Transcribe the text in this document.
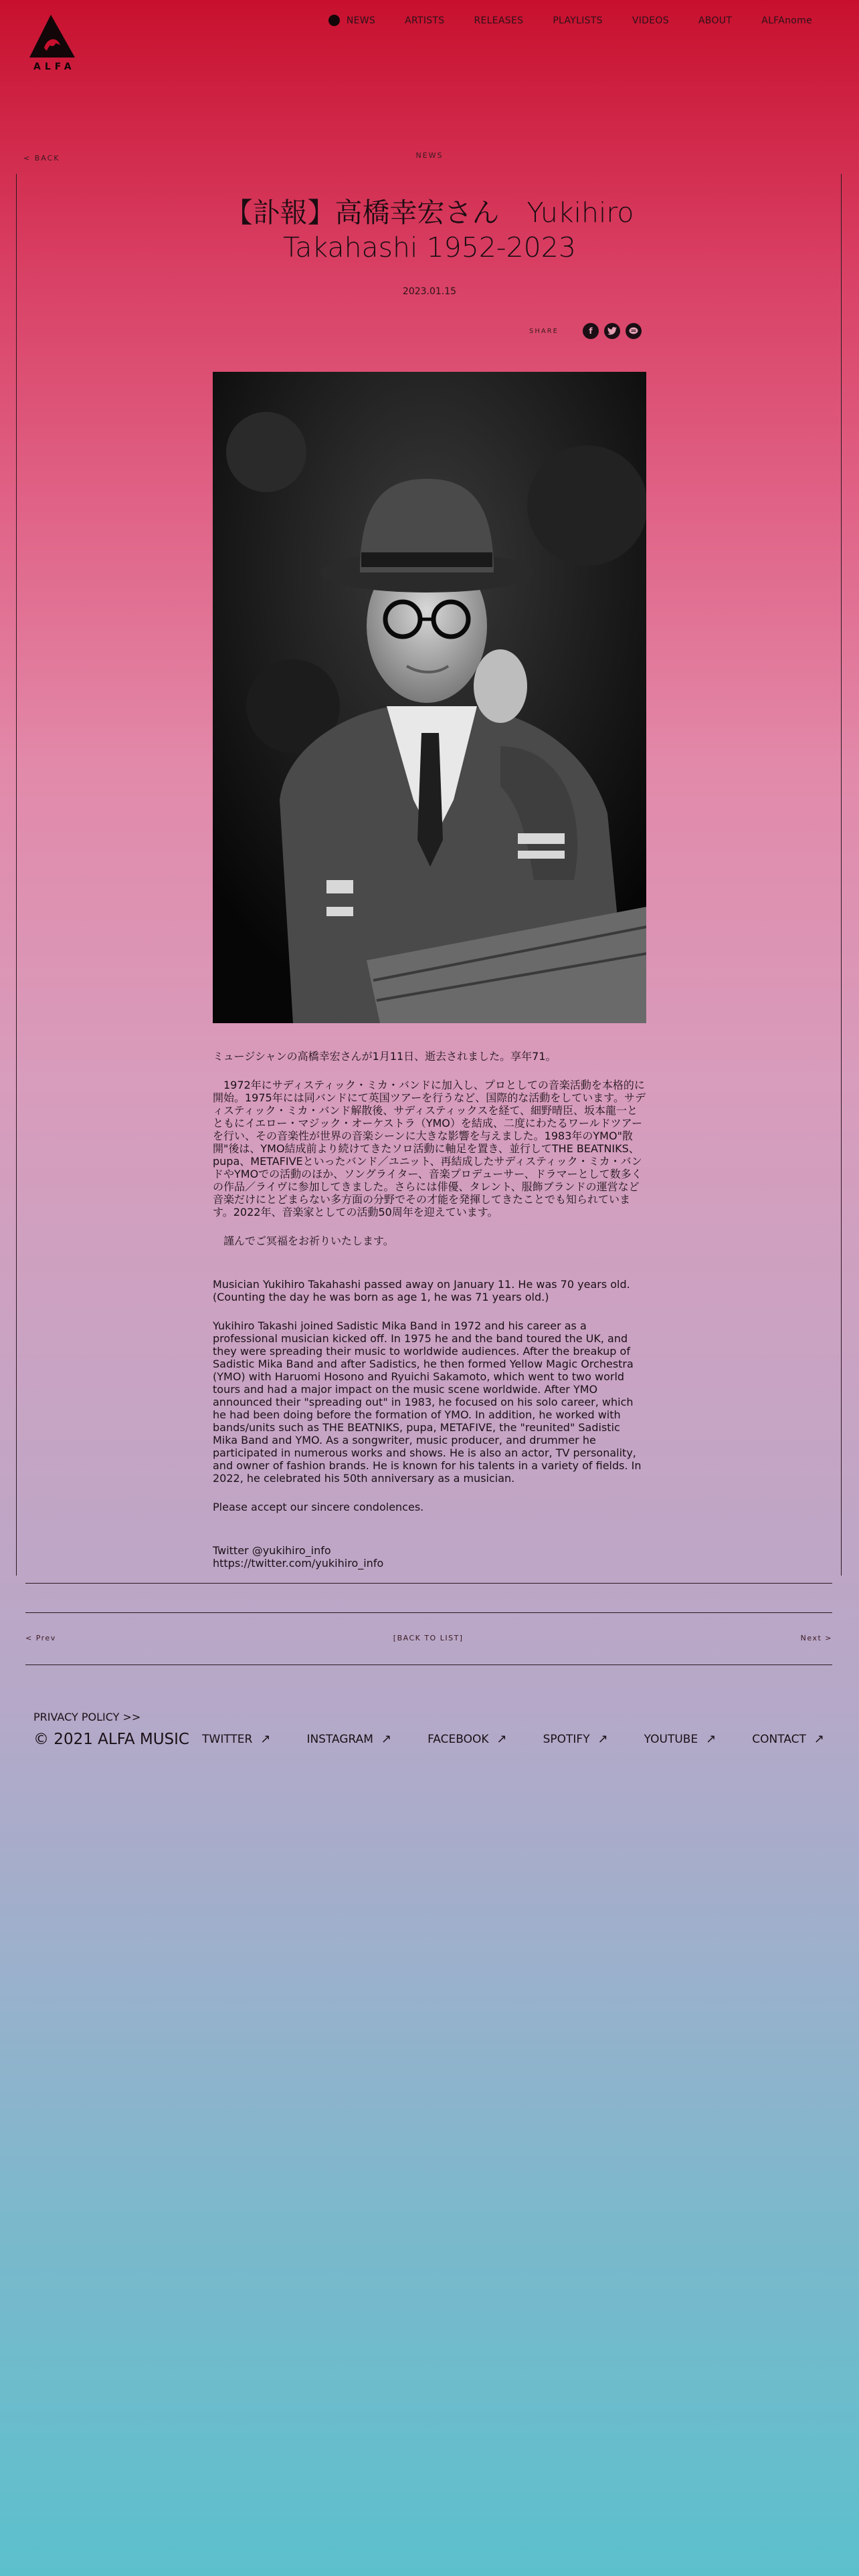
ALFA
NEWS	ARTISTS	RELEASES	PLAYLISTS	VIDEOS	ABOUT	ALFAnome
< BACK	NEWS
【訃報】高橋幸宏さん　Yukihiro Takahashi 1952-2023
2023.01.15
SHARE	f

ミュージシャンの高橋幸宏さんが1月11日、逝去されました。享年71。

　1972年にサディスティック・ミカ・バンドに加入し、プロとしての音楽活動を本格的に開始。1975年には同バンドにて英国ツアーを行うなど、国際的な活動をしています。サディスティック・ミカ・バンド解散後、サディスティックスを経て、細野晴臣、坂本龍一とともにイエロー・マジック・オーケストラ（YMO）を結成、二度にわたるワールドツアーを行い、その音楽性が世界の音楽シーンに大きな影響を与えました。1983年のYMO"散開"後は、YMO結成前より続けてきたソロ活動に軸足を置き、並行してTHE BEATNIKS、pupa、METAFIVEといったバンド／ユニット、再結成したサディスティック・ミカ・バンドやYMOでの活動のほか、ソングライター、音楽プロデューサー、ドラマーとして数多くの作品／ライヴに参加してきました。さらには俳優、タレント、服飾ブランドの運営など音楽だけにとどまらない多方面の分野でその才能を発揮してきたことでも知られています。2022年、音楽家としての活動50周年を迎えています。

　謹んでご冥福をお祈りいたします。

Musician Yukihiro Takahashi passed away on January 11. He was 70 years old. (Counting the day he was born as age 1, he was 71 years old.)

Yukihiro Takashi joined Sadistic Mika Band in 1972 and his career as a professional musician kicked off. In 1975 he and the band toured the UK, and they were spreading their music to worldwide audiences. After the breakup of Sadistic Mika Band and after Sadistics, he then formed Yellow Magic Orchestra (YMO) with Haruomi Hosono and Ryuichi Sakamoto, which went to two world tours and had a major impact on the music scene worldwide. After YMO announced their "spreading out" in 1983, he focused on his solo career, which he had been doing before the formation of YMO. In addition, he worked with bands/units such as THE BEATNIKS, pupa, METAFIVE, the "reunited" Sadistic Mika Band and YMO. As a songwriter, music producer, and drummer he participated in numerous works and shows. He is also an actor, TV personality, and owner of fashion brands. He is known for his talents in a variety of fields. In 2022, he celebrated his 50th anniversary as a musician.

Please accept our sincere condolences.

Twitter @yukihiro_info
https://twitter.com/yukihiro_info
< Prev	[BACK TO LIST]	Next >
PRIVACY POLICY >>
© 2021 ALFA MUSIC TWITTER ↗	INSTAGRAM ↗	FACEBOOK ↗	SPOTIFY ↗	YOUTUBE ↗	CONTACT ↗
